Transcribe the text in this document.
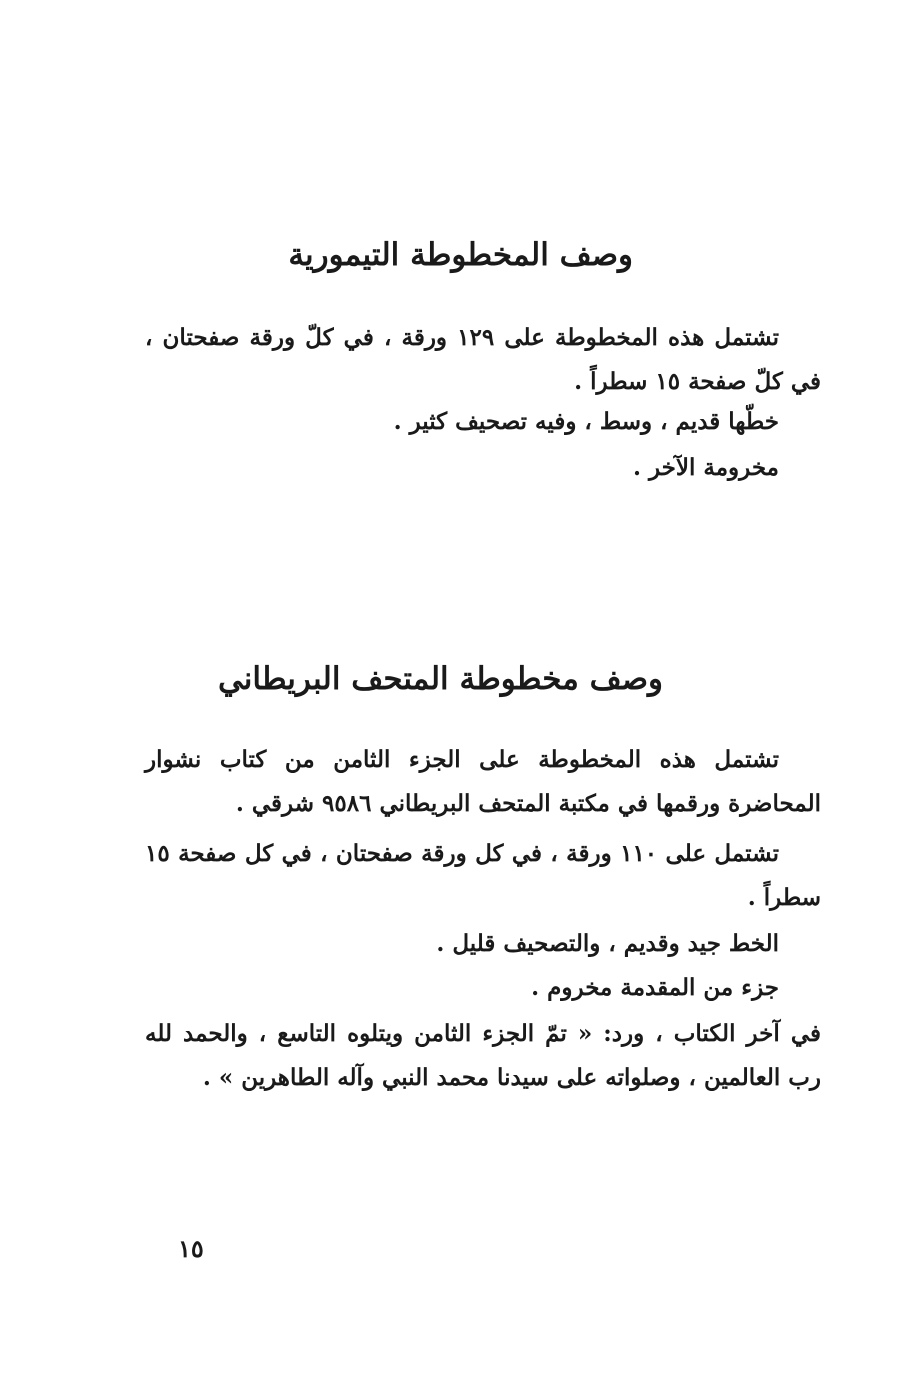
وصف المخطوطة التيمورية
تشتمل هذه المخطوطة على ١٢٩ ورقة ، في كلّ ورقة صفحتان ، في كلّ صفحة ١٥ سطراً .
خطّها قديم ، وسط ، وفيه تصحيف كثير .
مخرومة الآخر .
وصف مخطوطة المتحف البريطاني
تشتمل هذه المخطوطة على الجزء الثامن من كتاب نشوار المحاضرة ورقمها في مكتبة المتحف البريطاني ٩٥٨٦ شرقي .
تشتمل على ١١٠ ورقة ، في كل ورقة صفحتان ، في كل صفحة ١٥ سطراً .
الخط جيد وقديم ، والتصحيف قليل .
جزء من المقدمة مخروم .
في آخر الكتاب ، ورد: « تمّ الجزء الثامن ويتلوه التاسع ، والحمد لله رب العالمين ، وصلواته على سيدنا محمد النبي وآله الطاهرين » .
١٥
